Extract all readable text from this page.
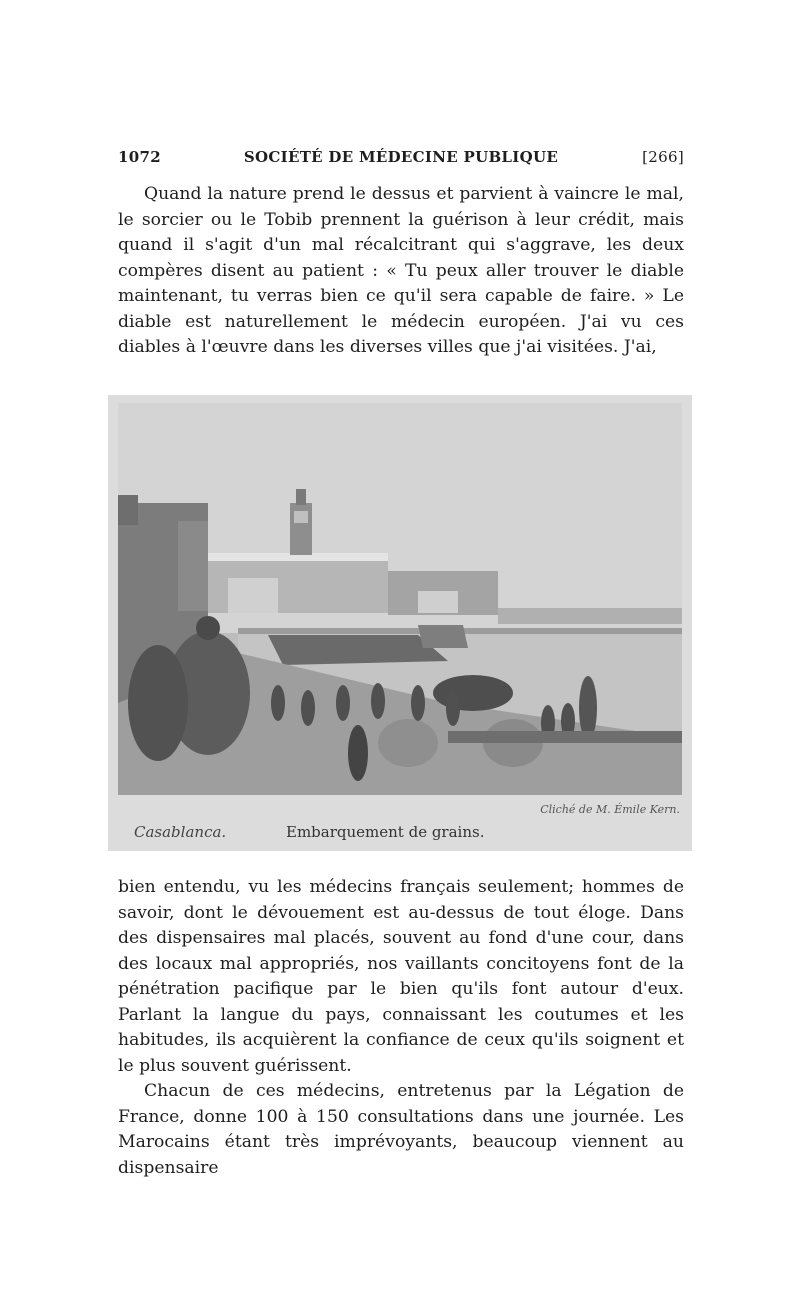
1072	SOCIÉTÉ DE MÉDECINE PUBLIQUE	[266]

Quand la nature prend le dessus et parvient à vaincre le mal, le sorcier ou le Tobib prennent la guérison à leur crédit, mais quand il s'agit d'un mal récalcitrant qui s'aggrave, les deux compères disent au patient : « Tu peux aller trouver le diable maintenant, tu verras bien ce qu'il sera capable de faire. » Le diable est naturellement le médecin européen. J'ai vu ces diables à l'œuvre dans les diverses villes que j'ai visitées. J'ai,

Cliché de M. Émile Kern.
Casablanca.	Embarquement de grains.

bien entendu, vu les médecins français seulement; hommes de savoir, dont le dévouement est au-dessus de tout éloge. Dans des dispensaires mal placés, souvent au fond d'une cour, dans des locaux mal appropriés, nos vaillants concitoyens font de la pénétration pacifique par le bien qu'ils font autour d'eux. Parlant la langue du pays, connaissant les coutumes et les habitudes, ils acquièrent la confiance de ceux qu'ils soignent et le plus souvent guérissent.

Chacun de ces médecins, entretenus par la Légation de France, donne 100 à 150 consultations dans une journée. Les Marocains étant très imprévoyants, beaucoup viennent au dispensaire
